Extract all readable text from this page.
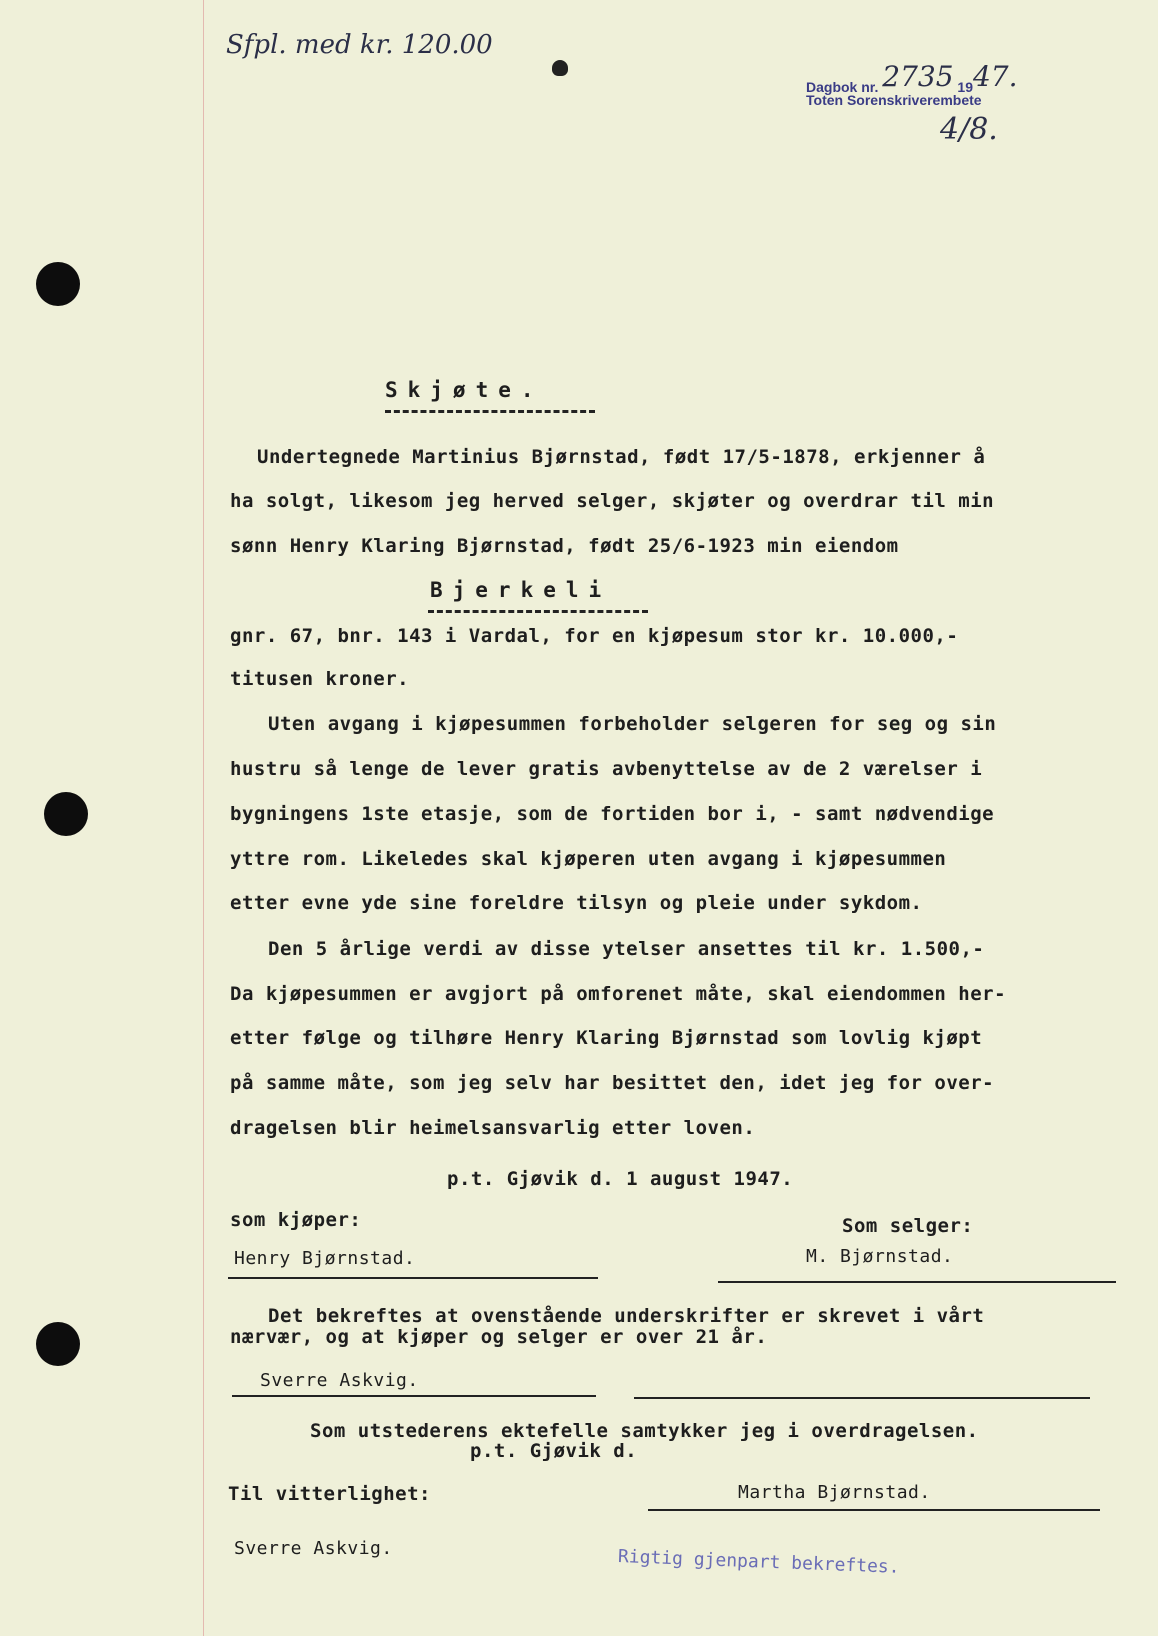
Sfpl. med kr. 120.00
Dagbok nr. 2735 1947.
Toten Sorenskriverembete
4/8.
Skjøte.
Undertegnede Martinius Bjørnstad, født 17/5-1878, erkjenner å
ha solgt, likesom jeg herved selger, skjøter og overdrar til min
sønn Henry Klaring Bjørnstad, født 25/6-1923 min eiendom
Bjerkeli
gnr. 67, bnr. 143 i Vardal, for en kjøpesum stor kr. 10.000,-
titusen kroner.
Uten avgang i kjøpesummen forbeholder selgeren for seg og sin
hustru så lenge de lever gratis avbenyttelse av de 2 værelser i
bygningens 1ste etasje, som de fortiden bor i, - samt nødvendige
yttre rom. Likeledes skal kjøperen uten avgang i kjøpesummen
etter evne yde sine foreldre tilsyn og pleie under sykdom.
Den 5 årlige verdi av disse ytelser ansettes til kr. 1.500,-
Da kjøpesummen er avgjort på omforenet måte, skal eiendommen her-
etter følge og tilhøre Henry Klaring Bjørnstad som lovlig kjøpt
på samme måte, som jeg selv har besittet den, idet jeg for over-
dragelsen blir heimelsansvarlig etter loven.
p.t. Gjøvik d. 1 august 1947.
som kjøper:	Som selger:
Henry Bjørnstad.	M. Bjørnstad.
Det bekreftes at ovenstående underskrifter er skrevet i vårt
nærvær, og at kjøper og selger er over 21 år.
Sverre Askvig.
Som utstederens ektefelle samtykker jeg i overdragelsen.
p.t. Gjøvik d.
Til vitterlighet:	Martha Bjørnstad.
Sverre Askvig.	Rigtig gjenpart bekreftes.
